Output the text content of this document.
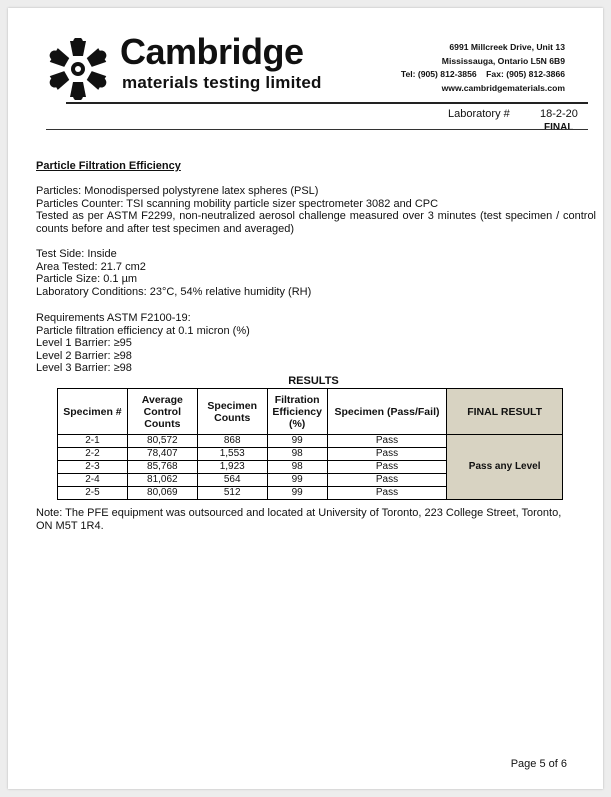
Cambridge
materials testing limited
6991 Millcreek Drive, Unit 13
Mississauga, Ontario L5N 6B9
Tel: (905) 812-3856    Fax: (905) 812-3866
www.cambridgematerials.com
Laboratory #	18-2-20
FINAL
Particle Filtration Efficiency
Particles: Monodispersed polystyrene latex spheres (PSL)
Particles Counter: TSI scanning mobility particle sizer spectrometer 3082 and CPC
Tested as per ASTM F2299, non-neutralized aerosol challenge measured over 3 minutes (test specimen / control counts before and after test specimen and averaged)
Test Side: Inside
Area Tested: 21.7 cm2
Particle Size: 0.1 µm
Laboratory Conditions: 23°C, 54% relative humidity (RH)
Requirements ASTM F2100-19:
Particle filtration efficiency at 0.1 micron (%)
Level 1 Barrier: ≥95
Level 2 Barrier: ≥98
Level 3 Barrier: ≥98
RESULTS
Specimen #	Average Control Counts	Specimen Counts	Filtration Efficiency (%)	Specimen (Pass/Fail)	FINAL RESULT
2-1	80,572	868	99	Pass	Pass any Level
2-2	78,407	1,553	98	Pass	
2-3	85,768	1,923	98	Pass	
2-4	81,062	564	99	Pass	
2-5	80,069	512	99	Pass	
Note: The PFE equipment was outsourced and located at University of Toronto, 223 College Street, Toronto, ON M5T 1R4.
Page 5 of 6
